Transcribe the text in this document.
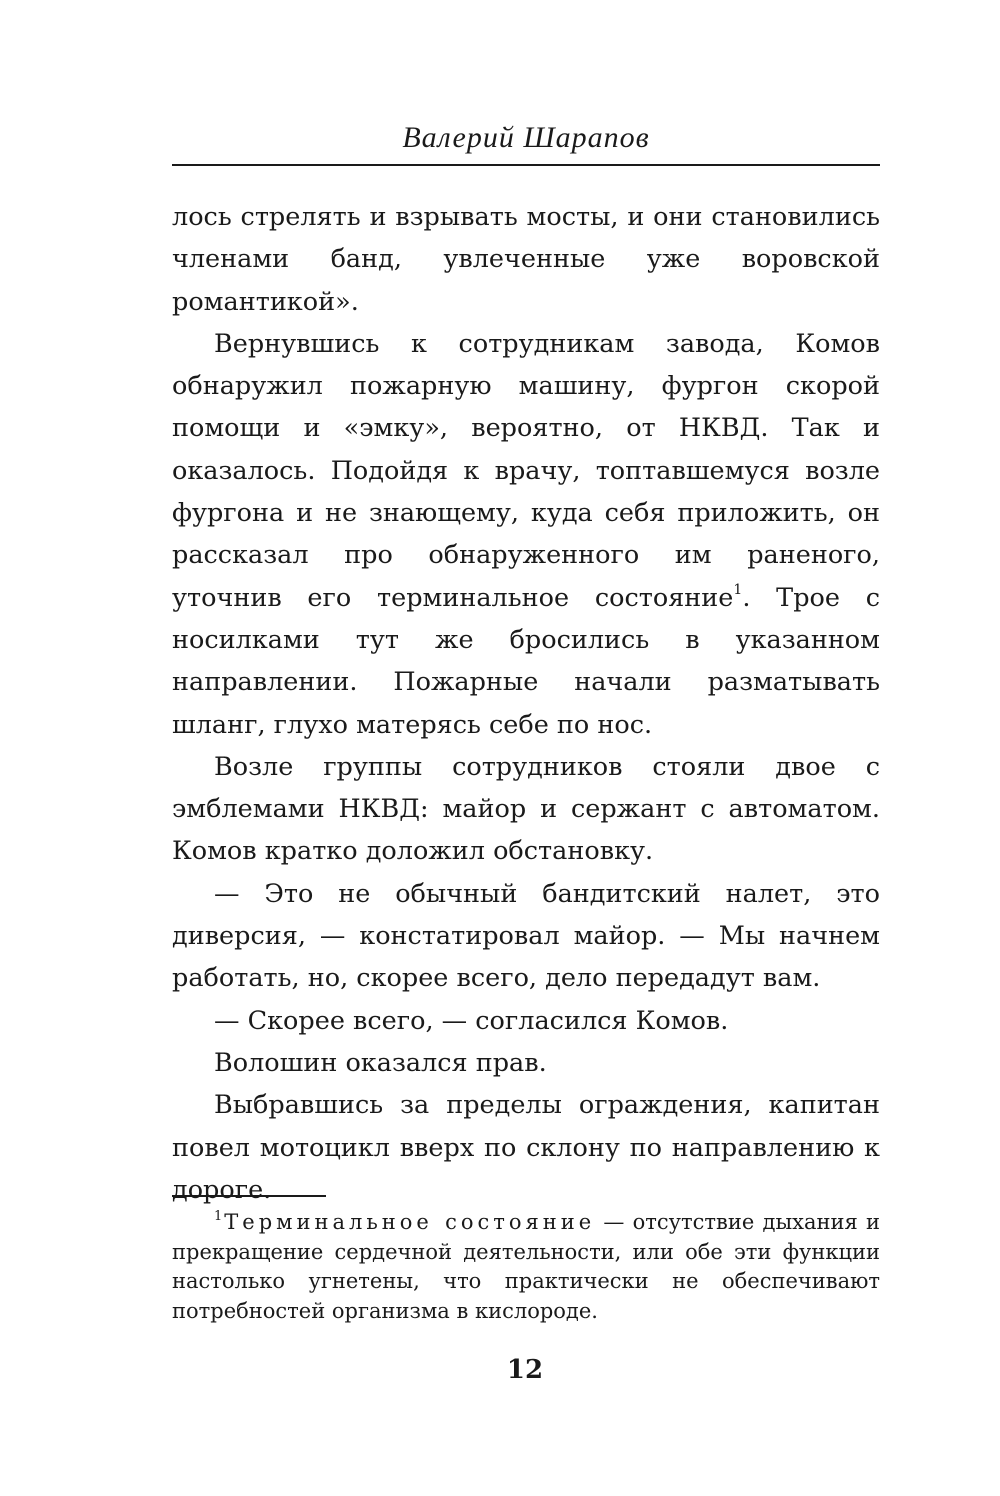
Валерий Шарапов

лось стрелять и взрывать мосты, и они становились членами банд, увлеченные уже воровской романтикой».

Вернувшись к сотрудникам завода, Комов обнаружил пожарную машину, фургон скорой помощи и «эмку», вероятно, от НКВД. Так и оказалось. Подойдя к врачу, топтавшемуся возле фургона и не знающему, куда себя приложить, он рассказал про обнаруженного им раненого, уточнив его терминальное состояние$^1$. Трое с носилками тут же бросились в указанном направлении. Пожарные начали разматывать шланг, глухо матерясь себе по нос.

Возле группы сотрудников стояли двое с эмблемами НКВД: майор и сержант с автоматом. Комов кратко доложил обстановку.

— Это не обычный бандитский налет, это диверсия, — констатировал майор. — Мы начнем работать, но, скорее всего, дело передадут вам.

— Скорее всего, — согласился Комов.

Волошин оказался прав.

Выбравшись за пределы ограждения, капитан повел мотоцикл вверх по склону по направлению к дороге.

$^1$Терминальное состояние — отсутствие дыхания и прекращение сердечной деятельности, или обе эти функции настолько угнетены, что практически не обеспечивают потребностей организма в кислороде.

12
